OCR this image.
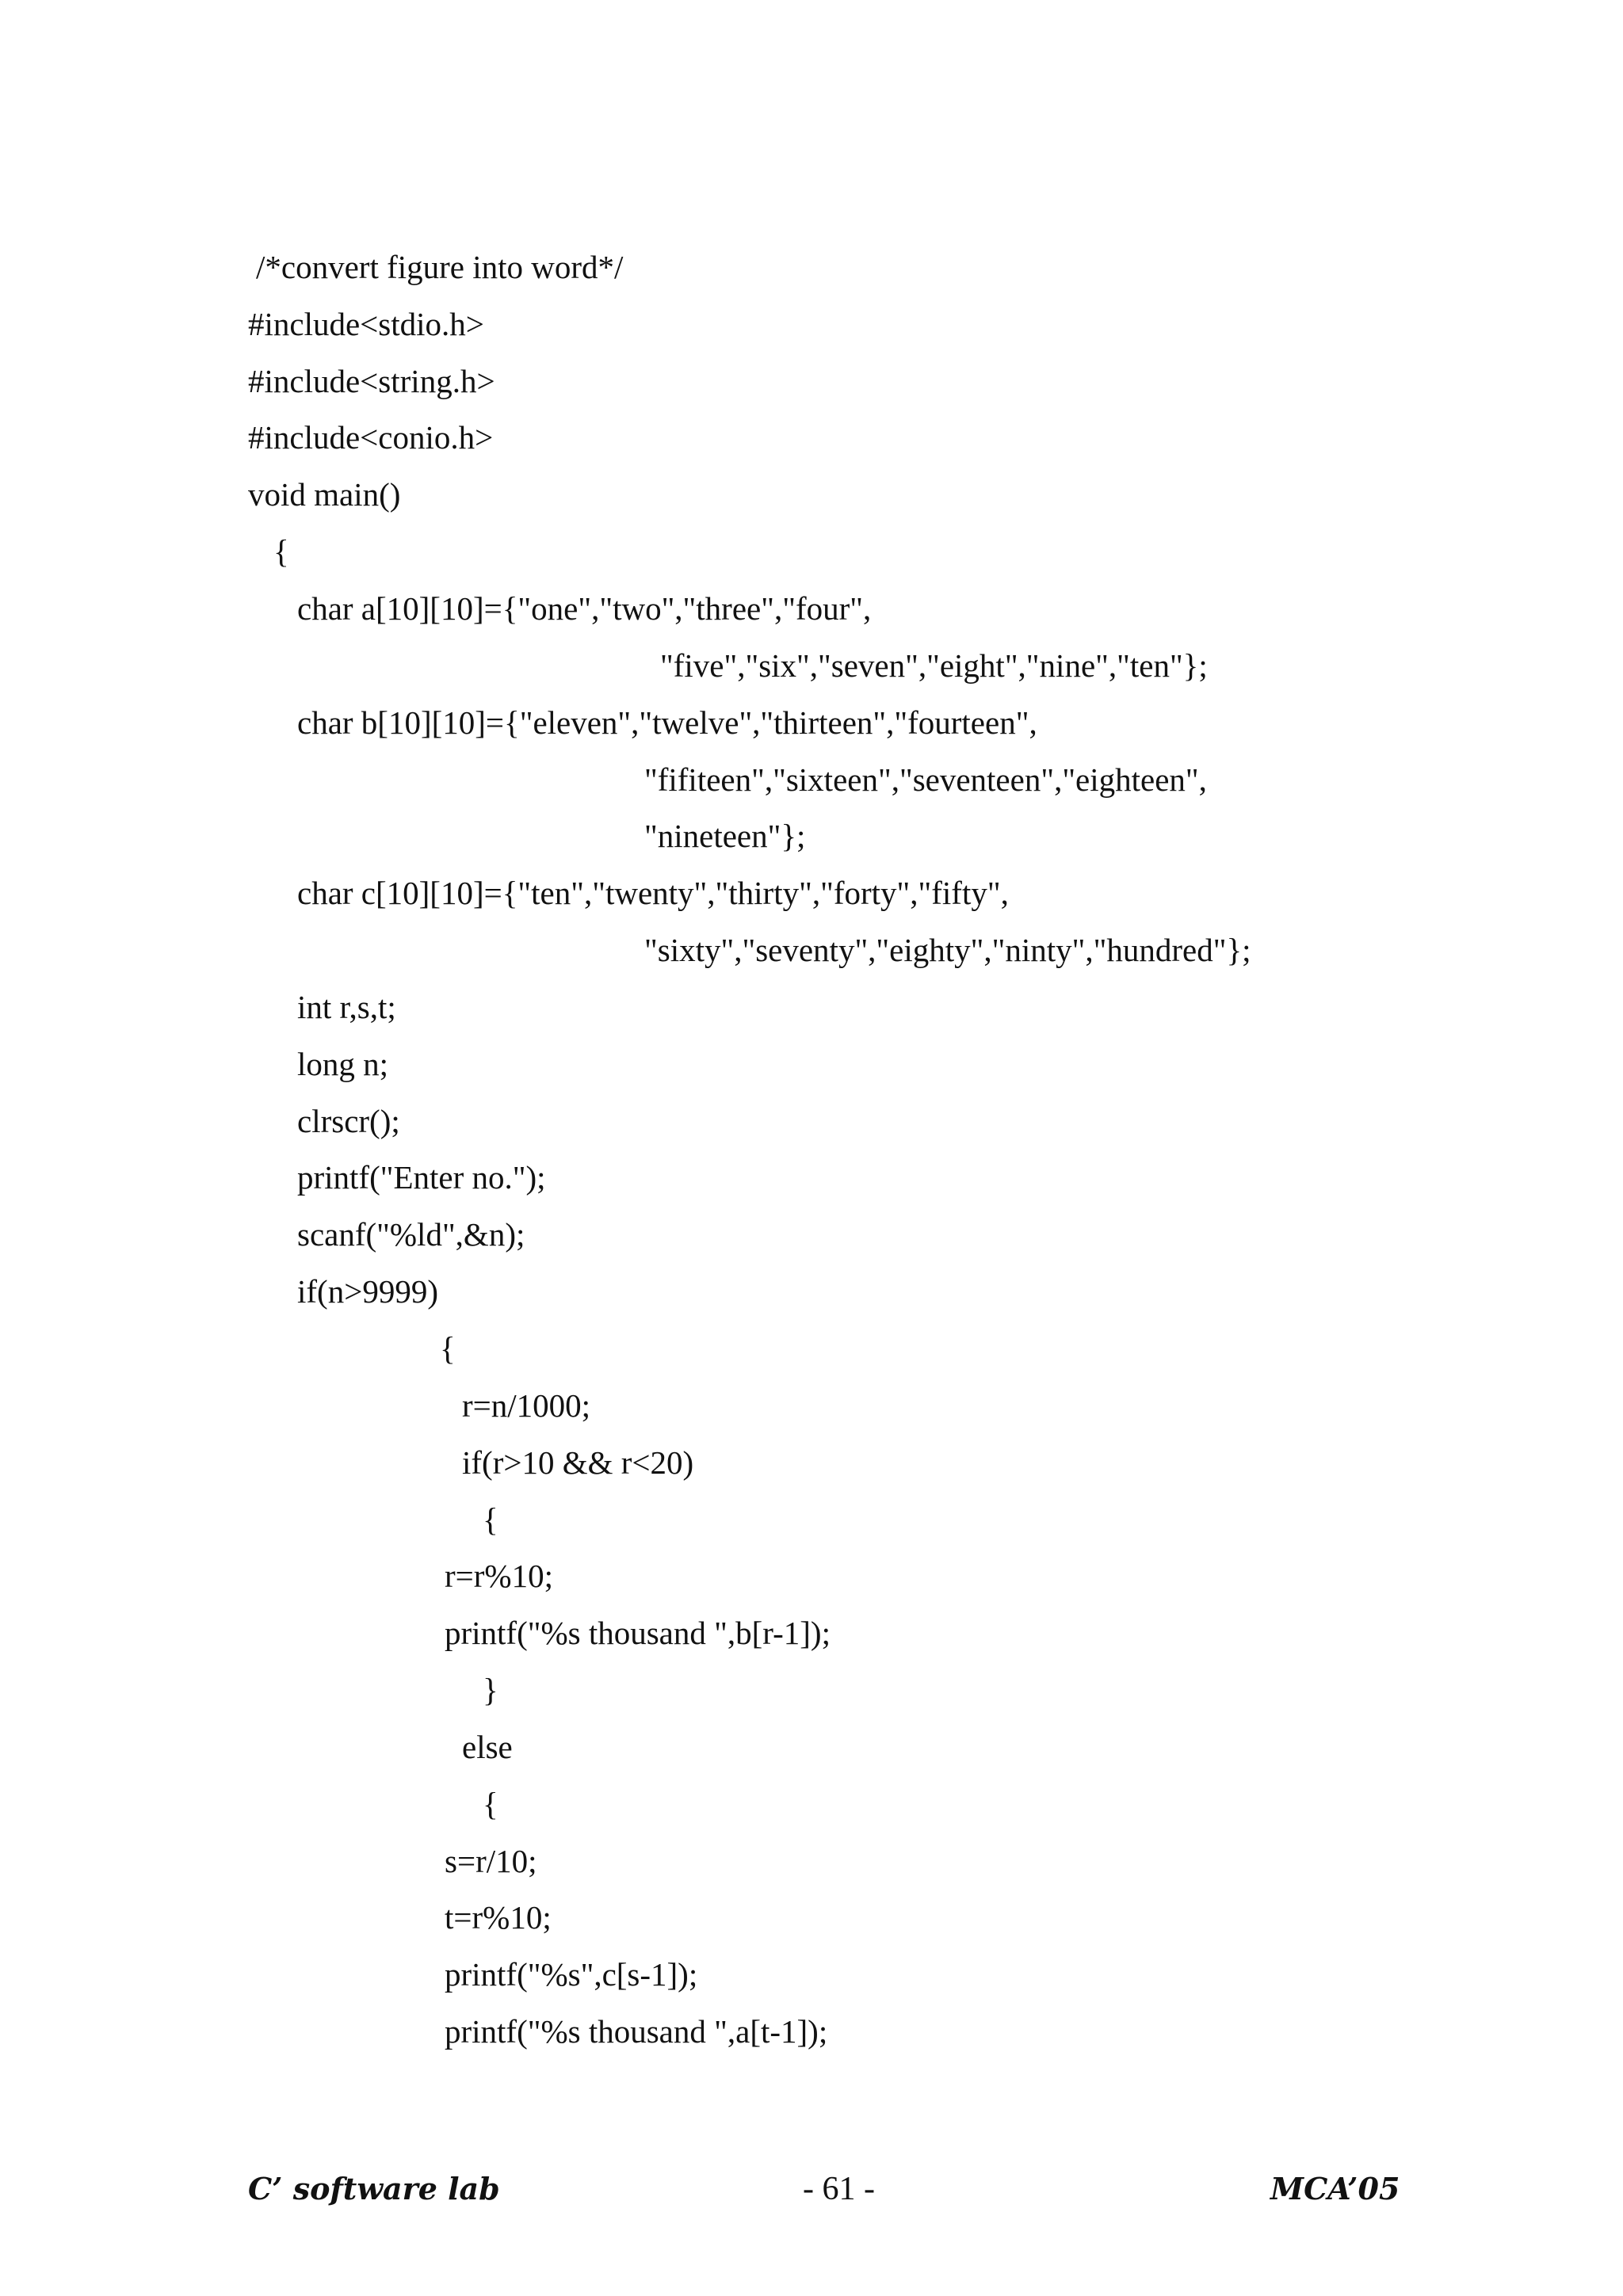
/*convert figure into word*/
#include<stdio.h>
#include<string.h>
#include<conio.h>
void main()
{
char a[10][10]={"one","two","three","four",
"five","six","seven","eight","nine","ten"};
char b[10][10]={"eleven","twelve","thirteen","fourteen",
"fifiteen","sixteen","seventeen","eighteen",
"nineteen"};
char c[10][10]={"ten","twenty","thirty","forty","fifty",
"sixty","seventy","eighty","ninty","hundred"};
int r,s,t;
long n;
clrscr();
printf("Enter no.");
scanf("%ld",&n);
if(n>9999)
{
r=n/1000;
if(r>10 && r<20)
{
r=r%10;
printf("%s thousand ",b[r-1]);
}
else
{
s=r/10;
t=r%10;
printf("%s",c[s-1]);
printf("%s thousand ",a[t-1]);
C’ software lab	- 61 -	MCA’05
